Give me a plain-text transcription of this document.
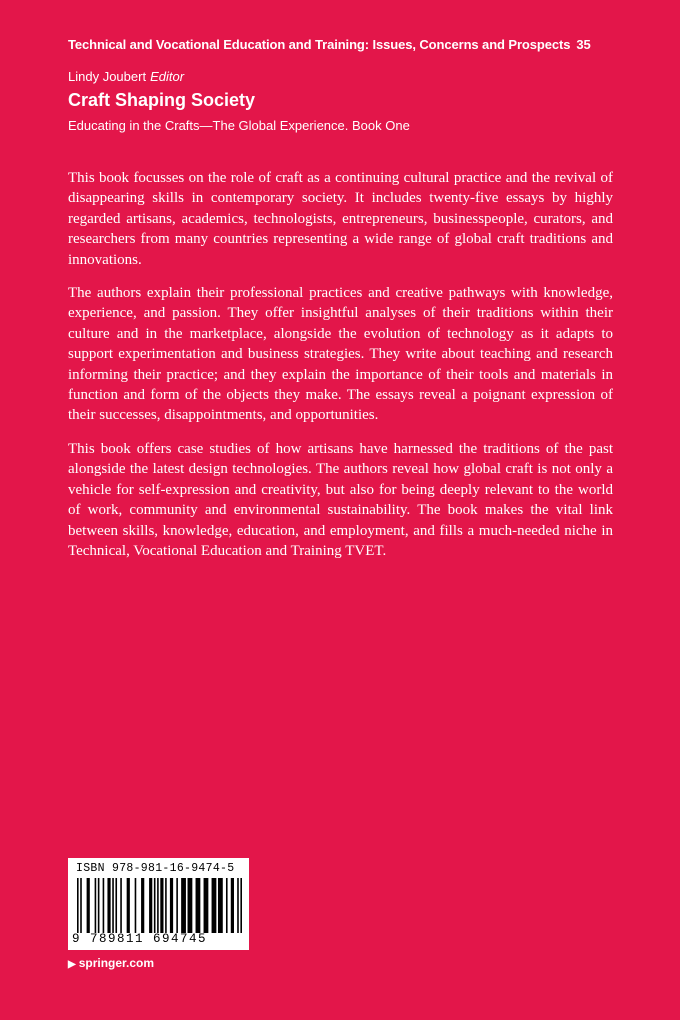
Technical and Vocational Education and Training: Issues, Concerns and Prospects 35
Lindy Joubert Editor
Craft Shaping Society
Educating in the Crafts—The Global Experience. Book One

This book focusses on the role of craft as a continuing cultural practice and the revival of disappearing skills in contemporary society. It includes twenty-five essays by highly regarded artisans, academics, technologists, entrepreneurs, businesspeople, curators, and researchers from many countries representing a wide range of global craft traditions and innovations.

The authors explain their professional practices and creative pathways with knowledge, experience, and passion. They offer insightful analyses of their traditions within their culture and in the marketplace, alongside the evolution of technology as it adapts to support experimentation and business strategies. They write about teaching and research informing their practice; and they explain the importance of their tools and materials in function and form of the objects they make. The essays reveal a poignant expression of their successes, disappointments, and opportunities.

This book offers case studies of how artisans have harnessed the traditions of the past alongside the latest design technologies. The authors reveal how global craft is not only a vehicle for self-expression and creativity, but also for being deeply relevant to the world of work, community and environmental sustainability. The book makes the vital link between skills, knowledge, education, and employment, and fills a much-needed niche in Technical, Vocational Education and Training TVET.

ISBN 978-981-16-9474-5
9 789811 694745
▶ springer.com
